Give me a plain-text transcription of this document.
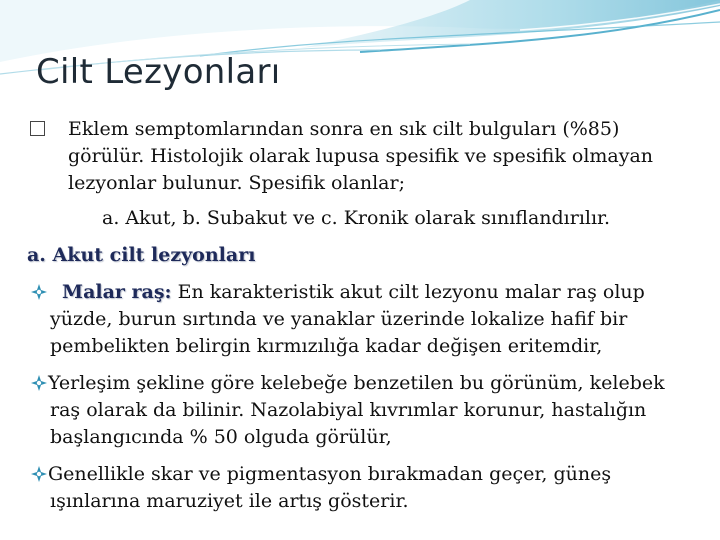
Cilt Lezyonları
Eklem semptomlarından sonra en sık cilt bulguları (%85)
görülür. Histolojik olarak lupusa spesifik ve spesifik olmayan
lezyonlar bulunur. Spesifik olanlar;
a. Akut, b. Subakut ve c. Kronik olarak sınıflandırılır.
a. Akut cilt lezyonları
Malar raş: En karakteristik akut cilt lezyonu malar raş olup
yüzde, burun sırtında ve yanaklar üzerinde lokalize hafif bir
pembelikten belirgin kırmızılığa kadar değişen eritemdir,
Yerleşim şekline göre kelebeğe benzetilen bu görünüm, kelebek
raş olarak da bilinir. Nazolabiyal kıvrımlar korunur, hastalığın
başlangıcında % 50 olguda görülür,
Genellikle skar ve pigmentasyon bırakmadan geçer, güneş
ışınlarına maruziyet ile artış gösterir.
